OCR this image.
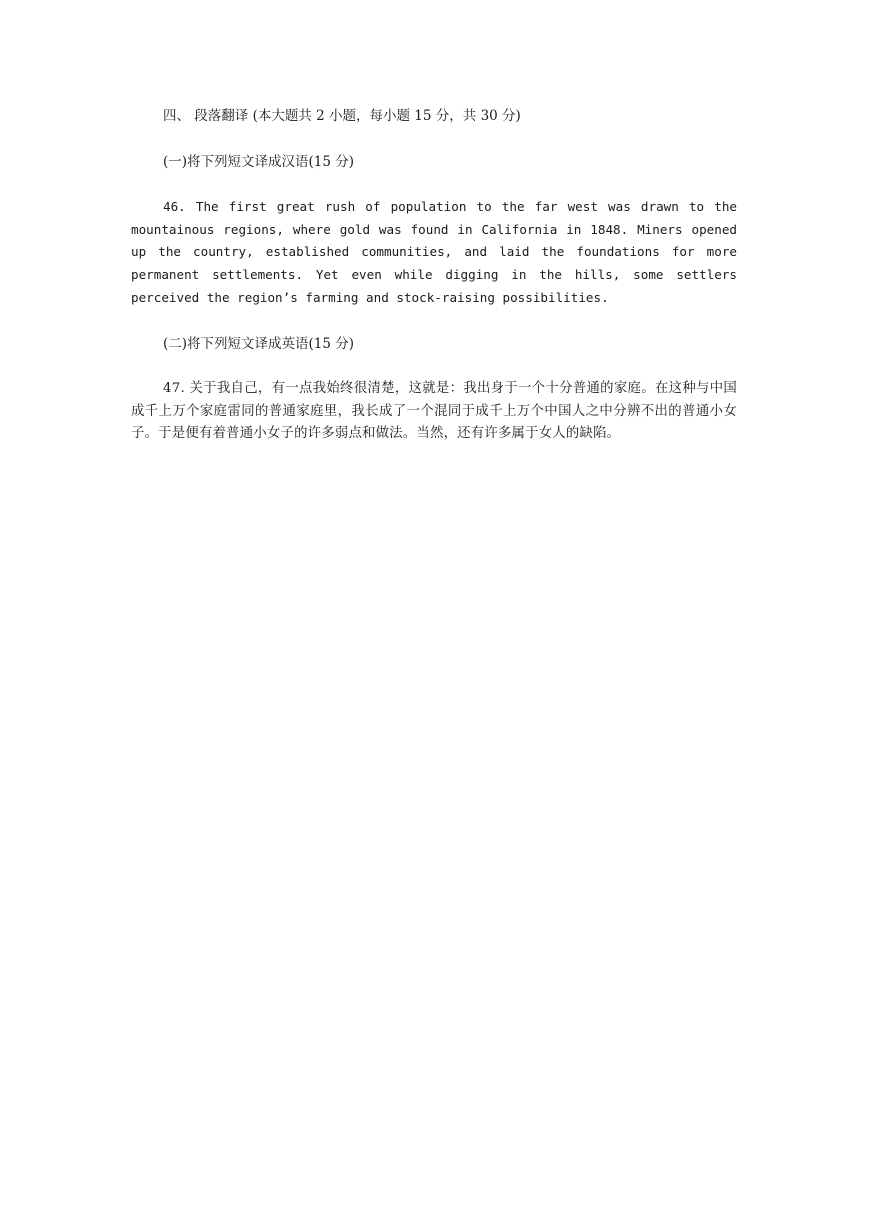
四、 段落翻译 (本大题共 2 小题，每小题 15 分，共 30 分)
(一)将下列短文译成汉语(15 分)
46. The first great rush of population to the far west was drawn to the mountainous regions, where gold was found in California in 1848. Miners opened up the country, established communities, and laid the foundations for more permanent settlements. Yet even while digging in the hills, some settlers perceived the region’s farming and stock-raising possibilities.
(二)将下列短文译成英语(15 分)
47. 关于我自己，有一点我始终很清楚，这就是：我出身于一个十分普通的家庭。在这种与中国成千上万个家庭雷同的普通家庭里，我长成了一个混同于成千上万个中国人之中分辨不出的普通小女子。于是便有着普通小女子的许多弱点和做法。当然，还有许多属于女人的缺陷。
